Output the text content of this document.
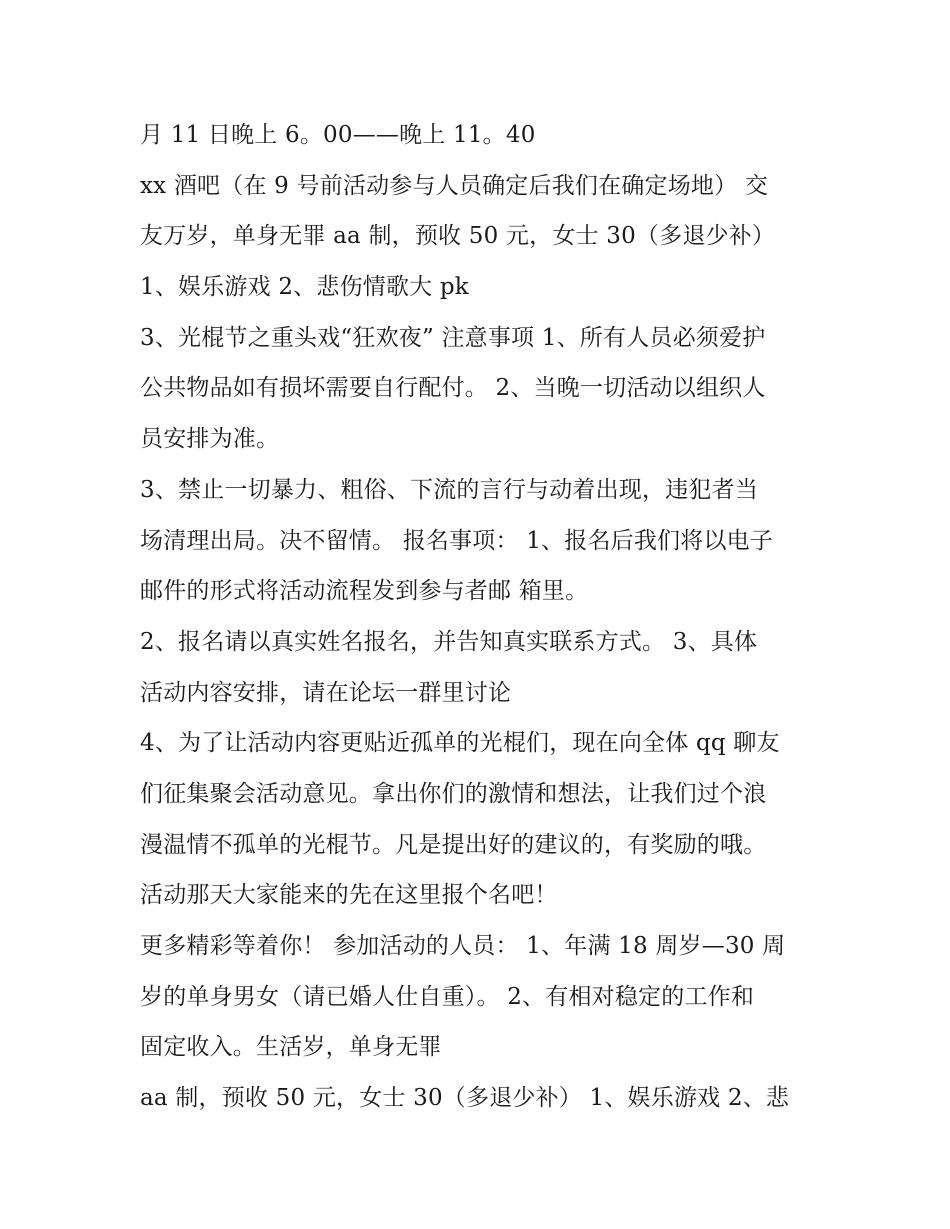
月 11 日晚上 6。00——晚上 11。40
xx 酒吧（在 9 号前活动参与人员确定后我们在确定场地） 交
友万岁，单身无罪 aa 制，预收 50 元，女士 30（多退少补）
1、娱乐游戏 2、悲伤情歌大 pk
3、光棍节之重头戏“狂欢夜” 注意事项 1、所有人员必须爱护
公共物品如有损坏需要自行配付。 2、当晚一切活动以组织人
员安排为准。
3、禁止一切暴力、粗俗、下流的言行与动着出现，违犯者当
场清理出局。决不留情。 报名事项： 1、报名后我们将以电子
邮件的形式将活动流程发到参与者邮 箱里。
2、报名请以真实姓名报名，并告知真实联系方式。 3、具体
活动内容安排，请在论坛一群里讨论
4、为了让活动内容更贴近孤单的光棍们，现在向全体 qq 聊友
们征集聚会活动意见。拿出你们的激情和想法，让我们过个浪
漫温情不孤单的光棍节。凡是提出好的建议的，有奖励的哦。
活动那天大家能来的先在这里报个名吧！
更多精彩等着你！ 参加活动的人员： 1、年满 18 周岁—30 周
岁的单身男女（请已婚人仕自重）。 2、有相对稳定的工作和
固定收入。生活岁，单身无罪
aa 制，预收 50 元，女士 30（多退少补） 1、娱乐游戏 2、悲
